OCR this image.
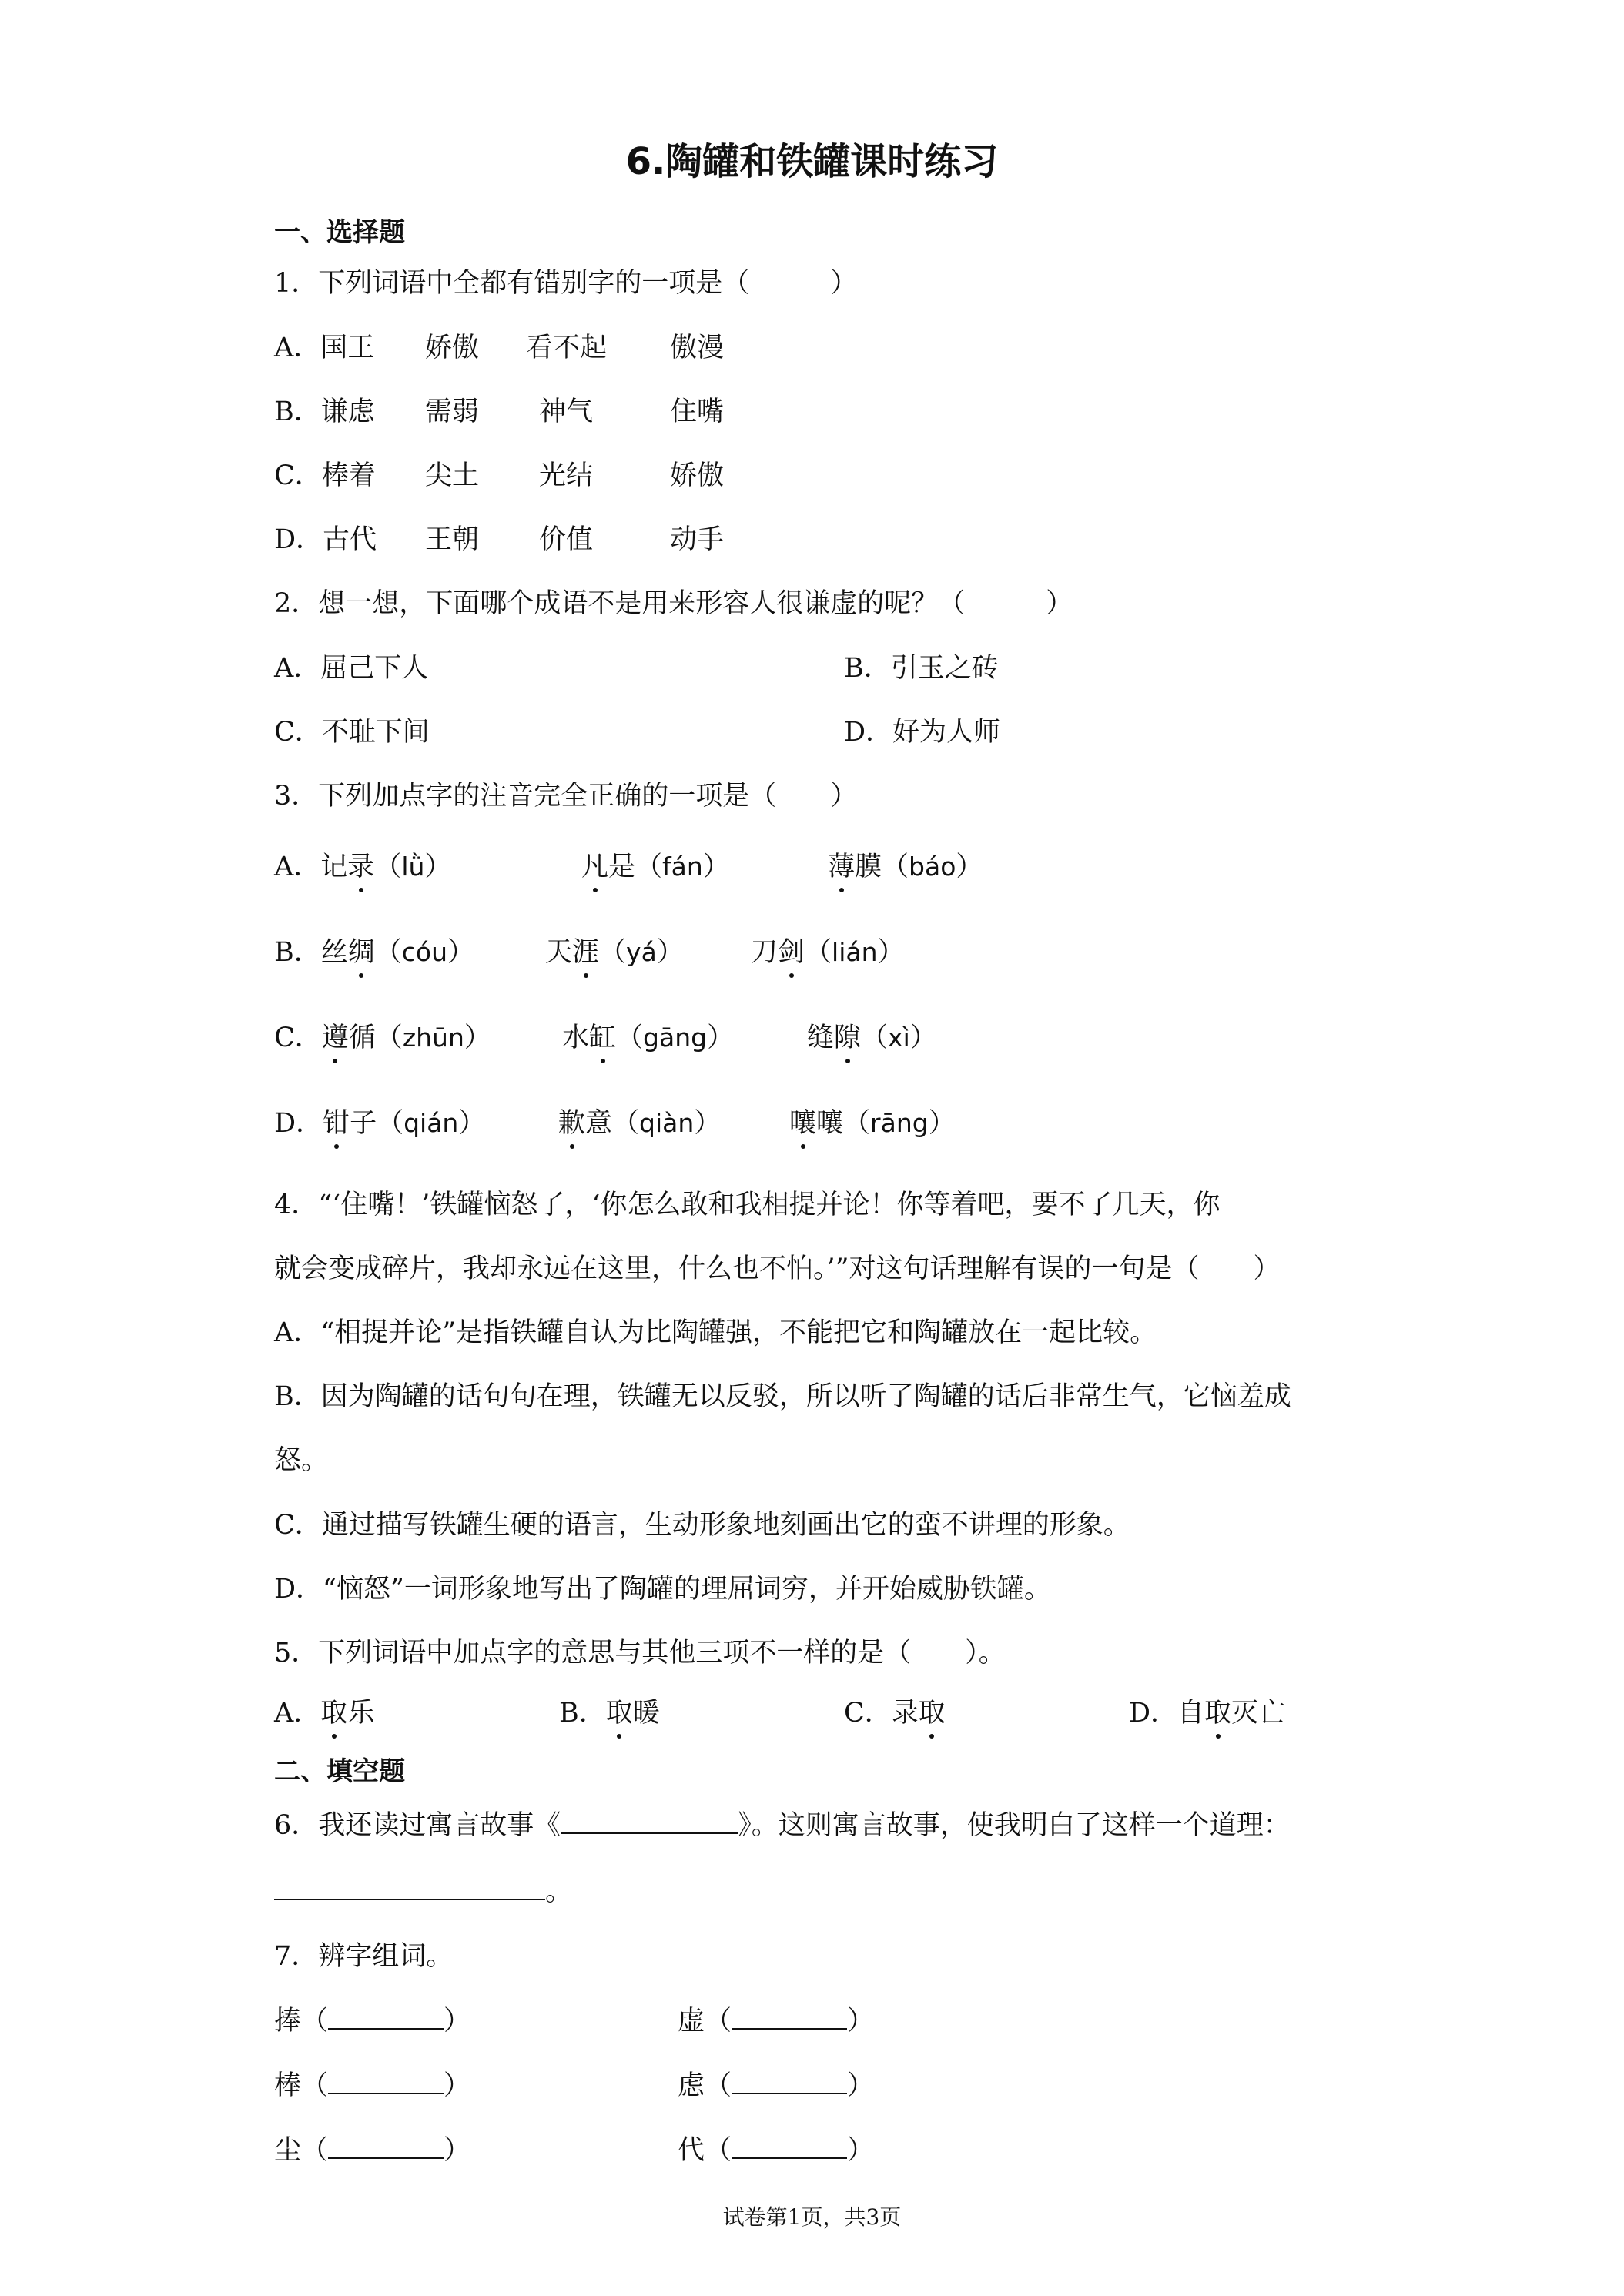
6.陶罐和铁罐课时练习
一、选择题
1．下列词语中全都有错别字的一项是（　　　）
A．国王 娇傲 看不起 傲漫
B．谦虑 需弱 神气	住嘴
C．棒着 尖土 光结	娇傲
D．古代 王朝 价值	动手
2．想一想，下面哪个成语不是用来形容人很谦虚的呢？（　　　）
A．屈己下人	B．引玉之砖
C．不耻下间	D．好为人师
3．下列加点字的注音完全正确的一项是（　　）
A．记录（lǜ）	凡是（fán）	薄膜（báo）
B．丝绸（cóu）	天涯（yá） 刀剑（lián）
C．遵循（zhūn）	水缸（gāng）	缝隙（xì）
D．钳子（qián）	歉意（qiàn）	嚷嚷（rāng）
4．“‘住嘴！’铁罐恼怒了，‘你怎么敢和我相提并论！你等着吧，要不了几天，你
就会变成碎片，我却永远在这里，什么也不怕。’”对这句话理解有误的一句是（　　）
A．“相提并论”是指铁罐自认为比陶罐强，不能把它和陶罐放在一起比较。
B．因为陶罐的话句句在理，铁罐无以反驳，所以听了陶罐的话后非常生气，它恼羞成
怒。
C．通过描写铁罐生硬的语言，生动形象地刻画出它的蛮不讲理的形象。
D．“恼怒”一词形象地写出了陶罐的理屈词穷，并开始威胁铁罐。
5．下列词语中加点字的意思与其他三项不一样的是（　　）。
A．取乐	B．取暖	C．录取	D．自取灭亡
二、填空题
6．我还读过寓言故事《	》。这则寓言故事，使我明白了这样一个道理：
。
7．辨字组词。
捧（	）	虚（	）
棒（	）	虑（	）
尘（	）	代（	）
试卷第1页，共3页
